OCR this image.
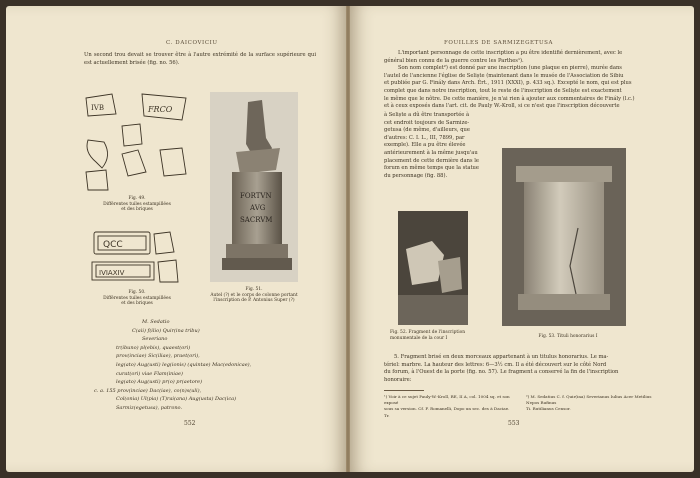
C. DAICOVICIU
Un second trou devait se trouver être à l'autre extrémité de la surface supérieure qui est actuellement brisée (fig. no. 56).
IVB	FRCO
Fig. 49.
Différentes tuiles estampillées
et des briques
QCC
IVIAXIV
Fig. 50.
Différentes tuiles estampillées
et des briques
FORTVN
AVG
SACRVM
Fig. 51.
Autel (?) et le corps de colonne portant
l'inscription de P. Antonius Super (?)
M. Sedatio
C(aii) f(ilio) Quir(ina tribu)
Severiano
tr(ibuno) pl(ebis), quaest(ori)
prov(inciae) Sic(iliae), praet(ori),
leg(ato) Aug(usti) leg(ionis) (quintae) Mac(edonicae),
curat(ori) viae Flam(iniae)
leg(ato) Aug(usti) pr(o) pr(aetore)
c. a. 155 prov(inciae) Dac(iae), co(n)s(uli),
Col(onia) Ul(pia) (T)rai(ana) Aug(usta) Dac(ica)
Sarmiz(egetusa), patrono.
552
FOUILLES DE SARMIZEGETUSA
L'important personnage de cette inscription a pu être identifié dernièrement, avec le
général bien connu de la guerre contre les Parthes¹).
Son nom complet²) est donné par une inscription (une plaque en pierre), murée dans
l'autel de l'ancienne l'église de Seliște (maintenant dans le musée de l'Association de Sibiu
et publiée par G. Finály dans Arch. Ért., 1911 (XXXI), p. 433 sq.). Excepté le nom, qui est plus
complet que dans notre inscription, tout le reste de l'inscription de Seliște est exactement
le même que le nôtre. De cette manière, je n'ai rien à ajouter aux commentaires de Finály (l.c.)
et à ceux exposés dans l'art. cit. de Paulу W.-Kroll, si ce n'est que l'inscription découverte
à Seliște a dû être transportée à
cet endroit toujours de Sarmize-
getusa (de même, d'ailleurs, que
d'autres: C. I. L., III, 7899, par
exemple). Elle a pu être élevée
antérieurement à la même jusqu'au
placement de cette dernière dans le
forum en même temps que la statue
du personnage (fig. 88).
Fig. 52. Fragment de l'inscription
monumentale de la cour I	Fig. 53. Tituli honorarius I
5. Fragment brisé en deux morceaux appartenant à un titulus honorarius. Le ma-
tériel: marbre. La hauteur des lettres: 6—3½ cm. Il a été découvert sur le côté Nord
du forum, à l'Ouest de la porte (fig. no. 57). Le fragment a conservé la fin de l'inscription
honoraire:
¹) Voir à ce sujet Pauly-W.-Kroll, RE, II A, col. 1004 sq. et son exposé
sous sa version. Cf. F. Romanelli, Dopo un sec. des à Daciae. Tr.
²) M. Sedatius C. f. Quir(ina) Severianus Iulius Acer Metilius Nepos Rufinus
Ti. Rutilianus Censor.
553
